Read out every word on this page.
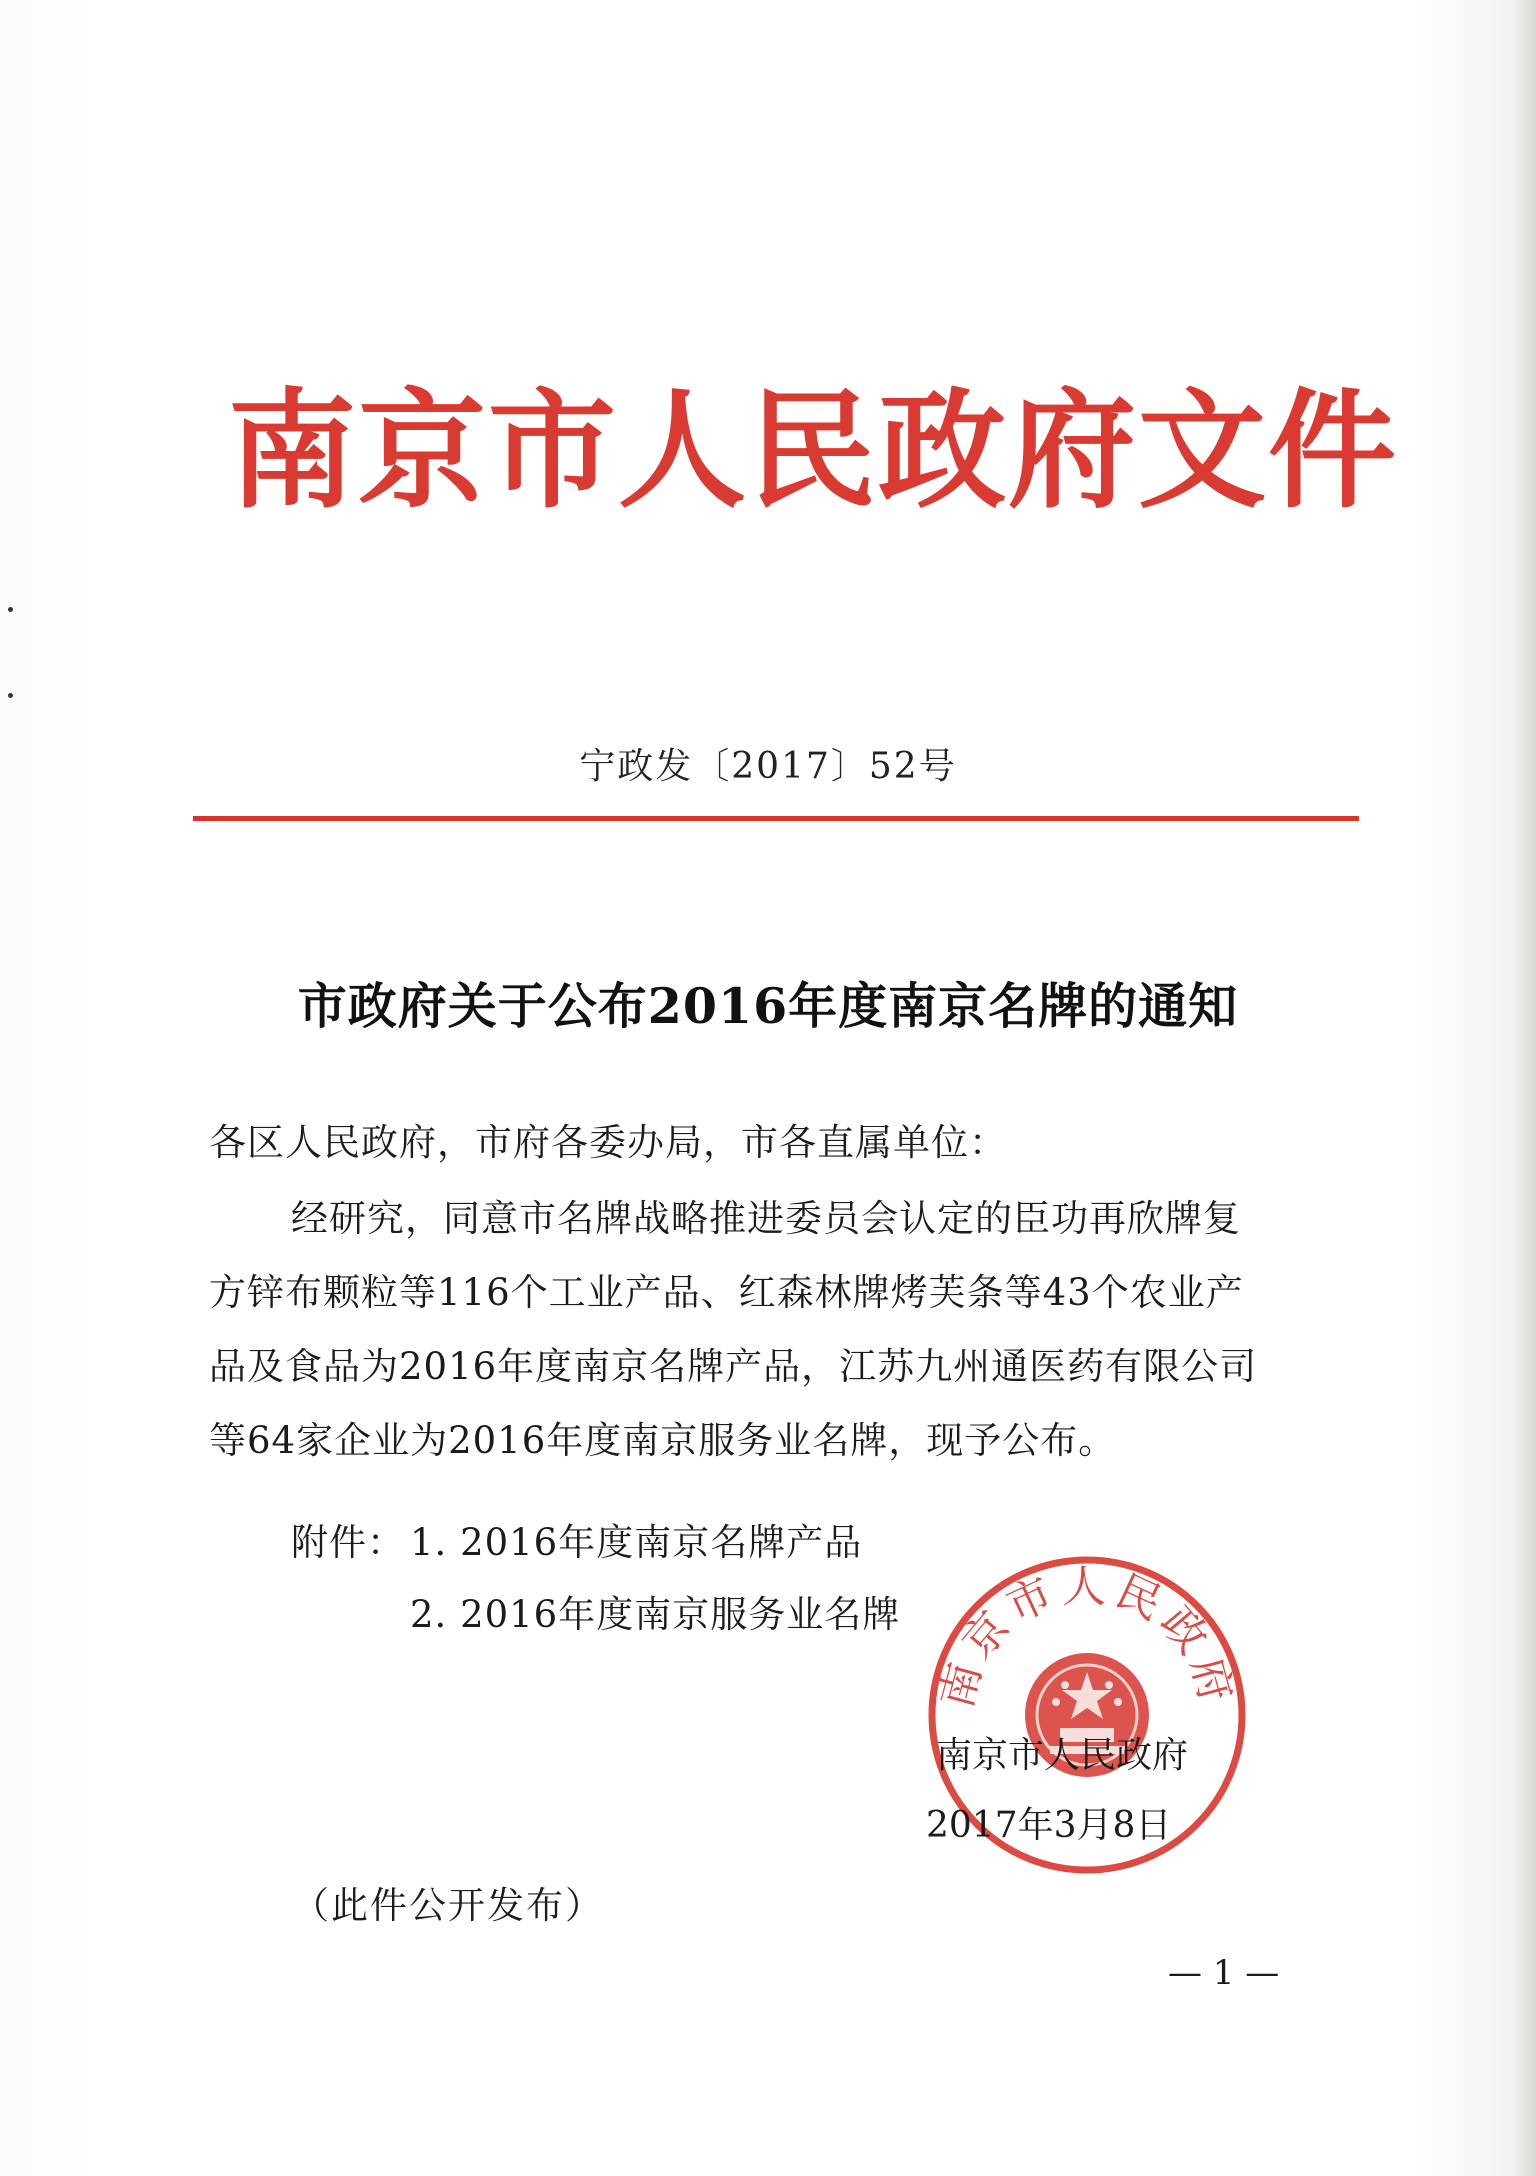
南京市人民政府文件
宁政发〔2017〕52号
市政府关于公布2016年度南京名牌的通知
各区人民政府，市府各委办局，市各直属单位：
经研究，同意市名牌战略推进委员会认定的臣功再欣牌复
方锌布颗粒等116个工业产品、红森林牌烤芙条等43个农业产
品及食品为2016年度南京名牌产品，江苏九州通医药有限公司
等64家企业为2016年度南京服务业名牌，现予公布。
附件： 1. 2016年度南京名牌产品
2. 2016年度南京服务业名牌
南京市人民政府
南京市人民政府
2017年3月8日
（此件公开发布）
— 1 —
